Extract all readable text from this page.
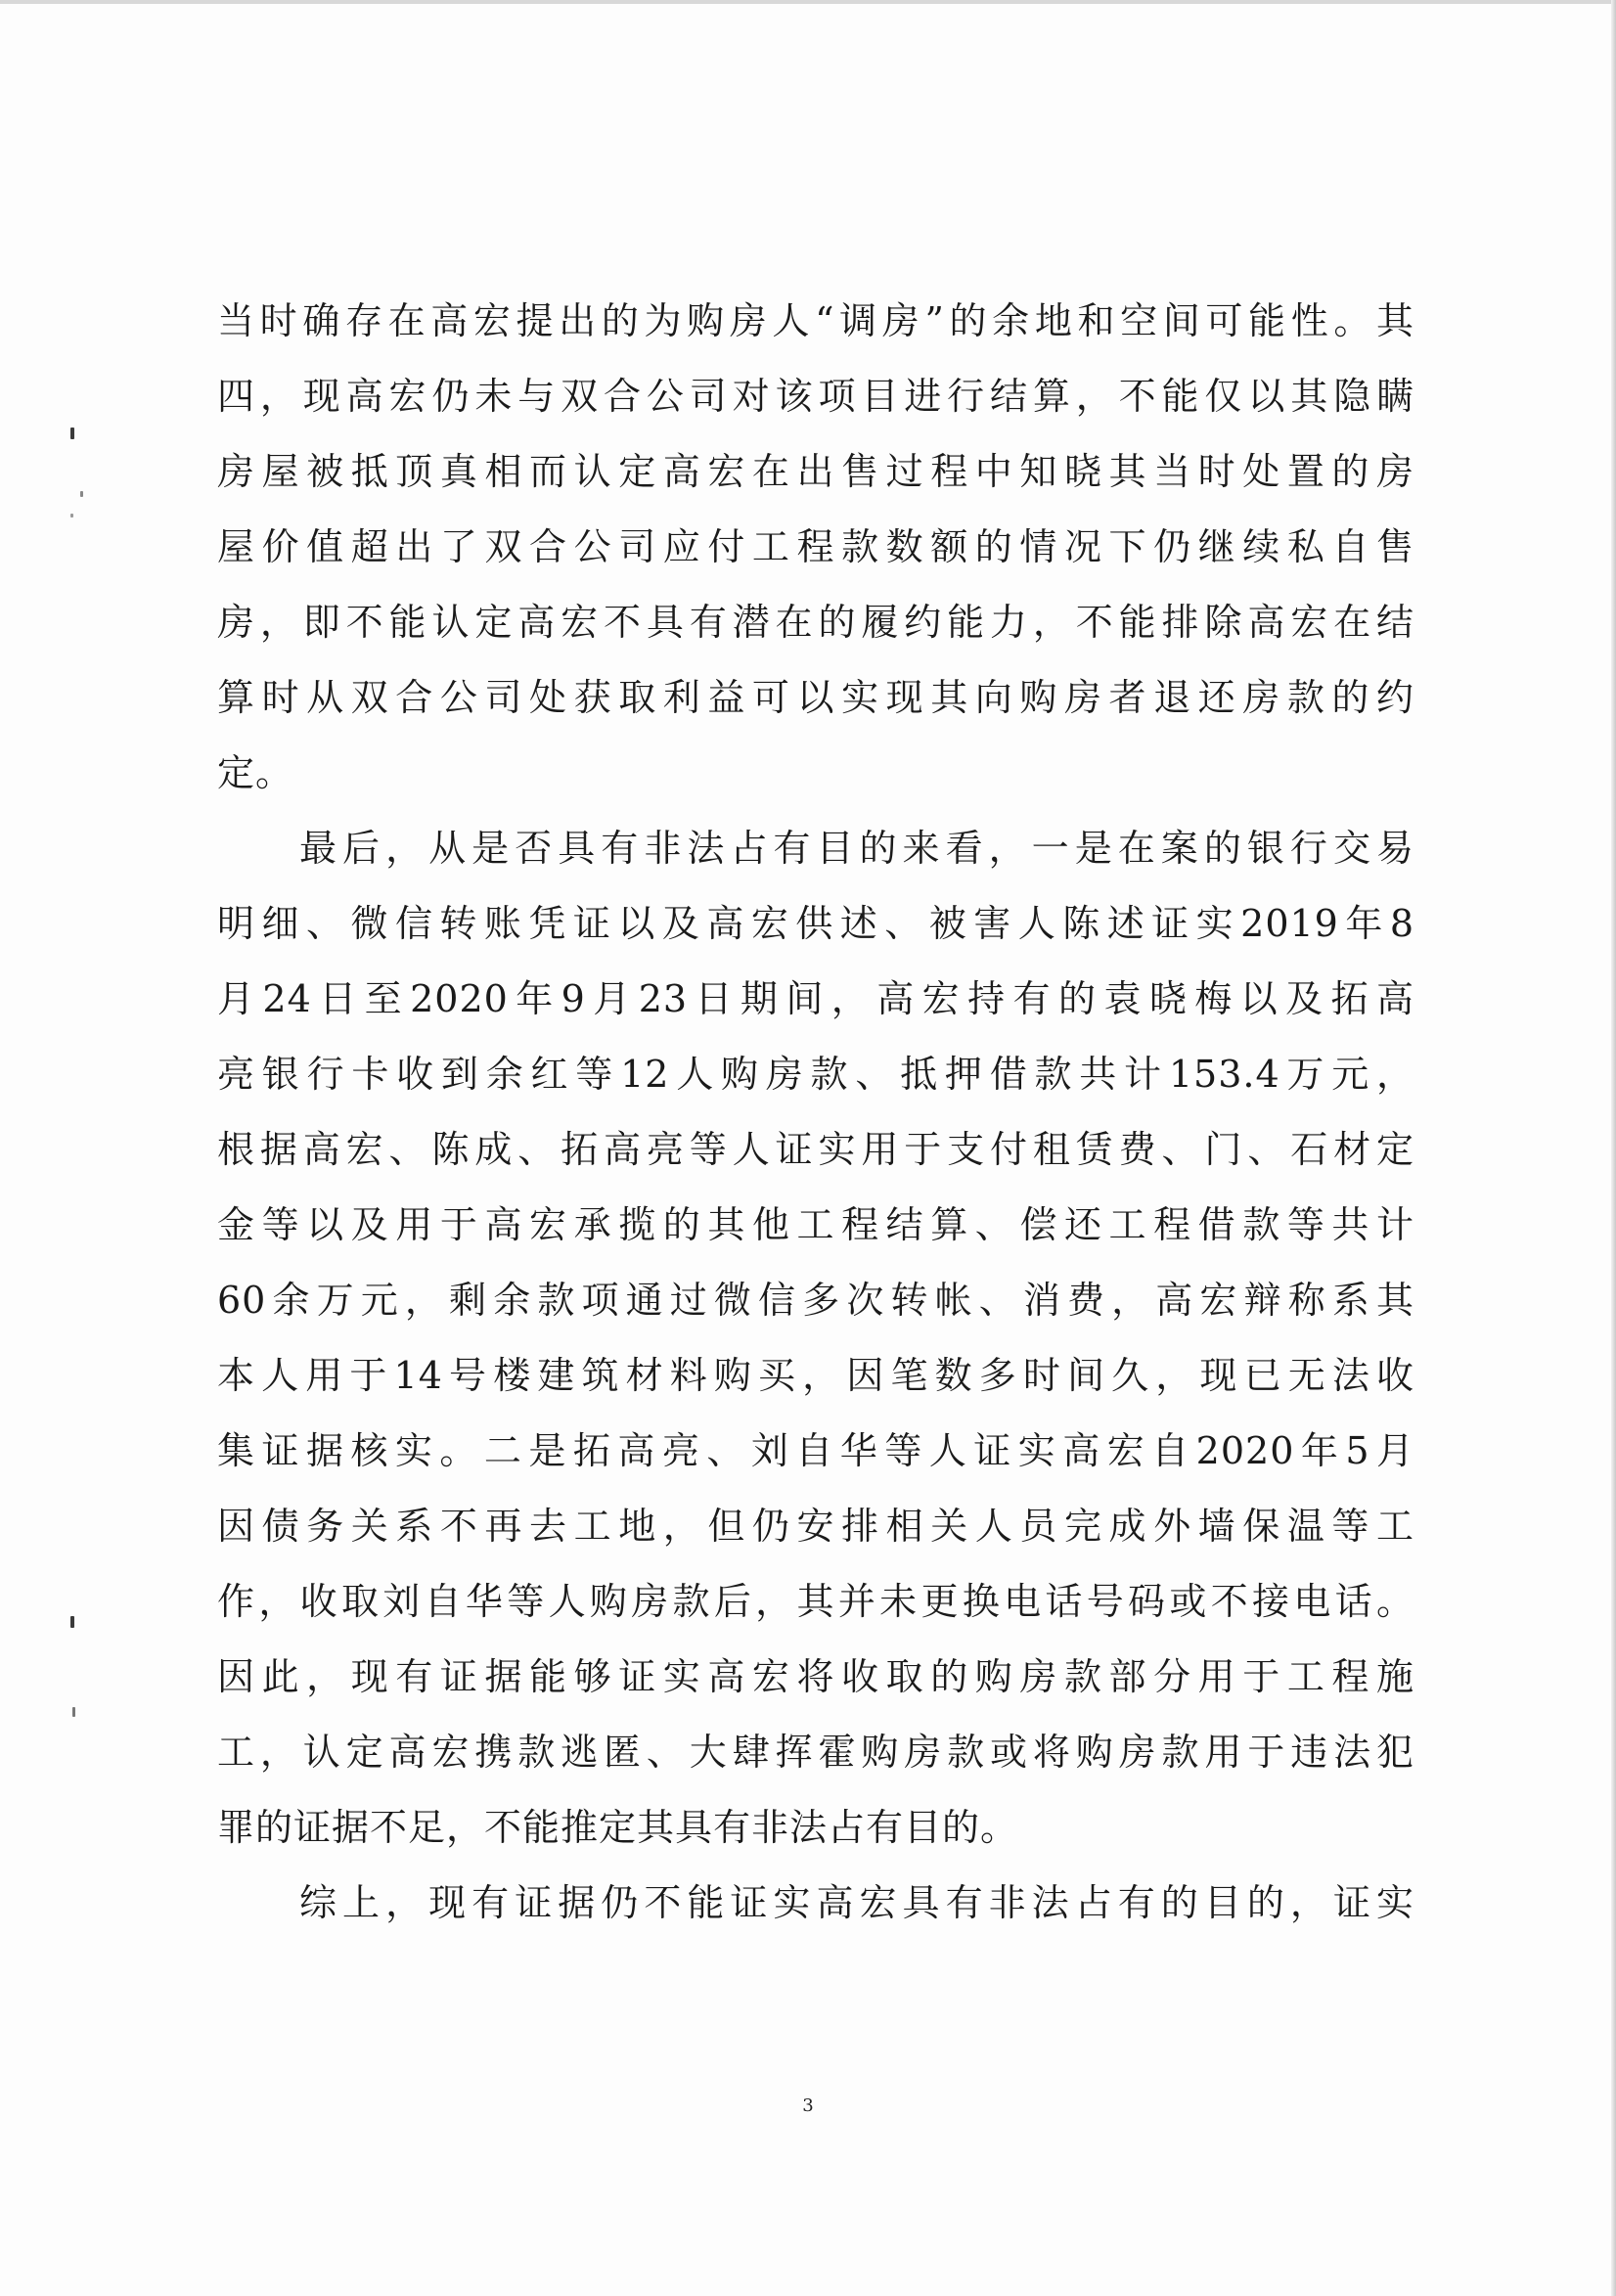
当时确存在高宏提出的为购房人“调房”的余地和空间可能性。其
四，现高宏仍未与双合公司对该项目进行结算，不能仅以其隐瞒
房屋被抵顶真相而认定高宏在出售过程中知晓其当时处置的房
屋价值超出了双合公司应付工程款数额的情况下仍继续私自售
房，即不能认定高宏不具有潜在的履约能力，不能排除高宏在结
算时从双合公司处获取利益可以实现其向购房者退还房款的约
定。
最后，从是否具有非法占有目的来看，一是在案的银行交易
明细、微信转账凭证以及高宏供述、被害人陈述证实2019年8
月24日至2020年9月23日期间，高宏持有的袁晓梅以及拓高
亮银行卡收到余红等12人购房款、抵押借款共计153.4万元，
根据高宏、陈成、拓高亮等人证实用于支付租赁费、门、石材定
金等以及用于高宏承揽的其他工程结算、偿还工程借款等共计
60余万元，剩余款项通过微信多次转帐、消费，高宏辩称系其
本人用于14号楼建筑材料购买，因笔数多时间久，现已无法收
集证据核实。二是拓高亮、刘自华等人证实高宏自2020年5月
因债务关系不再去工地，但仍安排相关人员完成外墙保温等工
作，收取刘自华等人购房款后，其并未更换电话号码或不接电话。
因此，现有证据能够证实高宏将收取的购房款部分用于工程施
工，认定高宏携款逃匿、大肆挥霍购房款或将购房款用于违法犯
罪的证据不足，不能推定其具有非法占有目的。
综上，现有证据仍不能证实高宏具有非法占有的目的，证实
3
